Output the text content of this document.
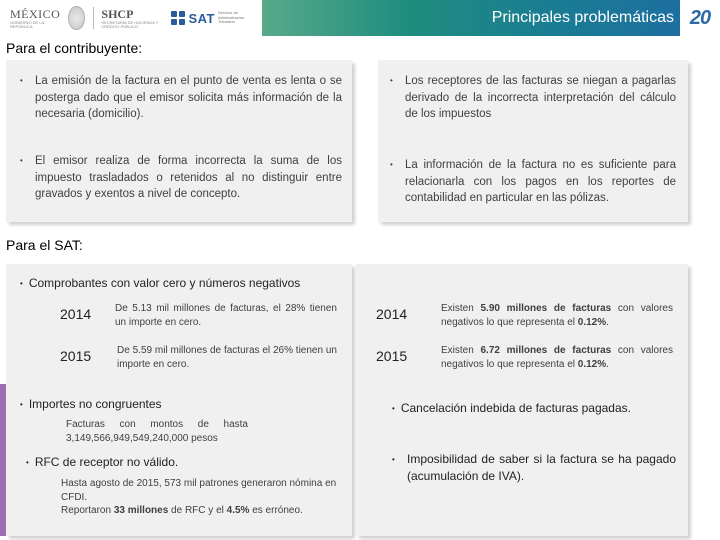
MÉXICO
GOBIERNO DE LA REPÚBLICA
SHCP
SECRETARÍA DE HACIENDA Y CRÉDITO PÚBLICO
SAT Servicio de Administración Tributaria	Principales problemáticas 20
Para el contribuyente:
•	La emisión de la factura en el punto de venta es lenta o se posterga dado que el emisor solicita más información de la necesaria (domicilio).
•	Los receptores de las facturas se niegan a pagarlas derivado de la incorrecta interpretación del cálculo de los impuestos
•	El emisor realiza de forma incorrecta la suma de los impuesto trasladados o retenidos al no distinguir entre gravados y exentos a nivel de concepto.
•	La información de la factura no es suficiente para relacionarla con los pagos en los reportes de contabilidad en particular en las pólizas.
Para el SAT:
• Comprobantes con valor cero y números negativos
2014 De 5.13 mil millones de facturas, el 28% tienen un importe en cero.
2015	De 5.59 mil millones de facturas el 26% tienen un importe en cero.
2014	Existen 5.90 millones de facturas con valores negativos lo que representa el 0.12%.
2015	Existen 6.72 millones de facturas con valores negativos lo que representa el 0.12%.
• Importes no congruentes
Facturas con montos de hasta 3,149,566,949,549,240,000 pesos
• RFC de receptor no válido.
Hasta agosto de 2015, 573 mil patrones generaron nómina en CFDI.
Reportaron 33 millones de RFC y el 4.5% es erróneo.
• Cancelación indebida de facturas pagadas.
•	Imposibilidad de saber si la factura se ha pagado (acumulación de IVA).
